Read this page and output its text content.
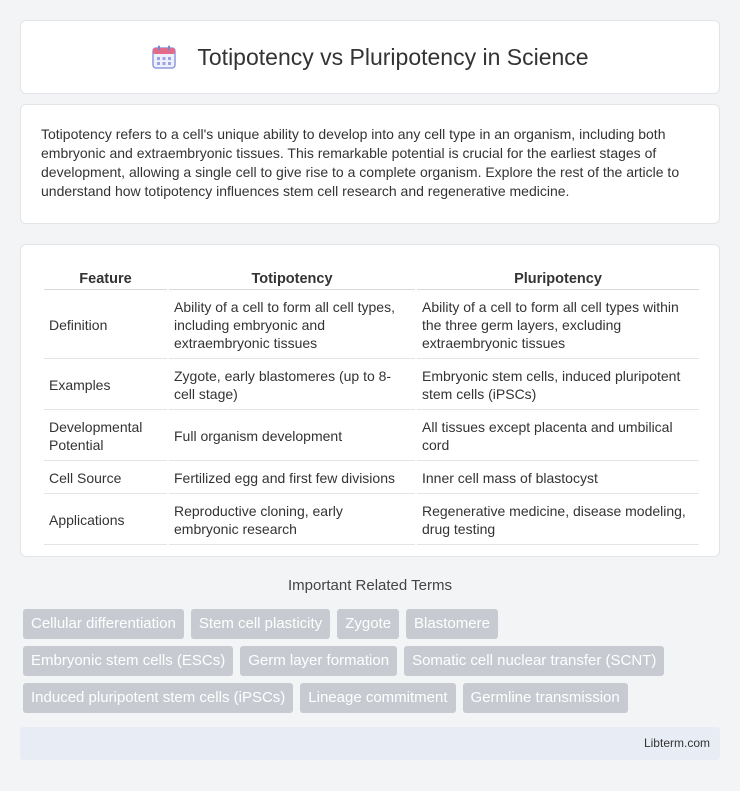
Totipotency vs Pluripotency in Science

Totipotency refers to a cell's unique ability to develop into any cell type in an organism, including both embryonic and extraembryonic tissues. This remarkable potential is crucial for the earliest stages of development, allowing a single cell to give rise to a complete organism. Explore the rest of the article to understand how totipotency influences stem cell research and regenerative medicine.

Feature	Totipotency	Pluripotency
Definition	Ability of a cell to form all cell types, including embryonic and extraembryonic tissues	Ability of a cell to form all cell types within the three germ layers, excluding extraembryonic tissues
Examples	Zygote, early blastomeres (up to 8-cell stage)	Embryonic stem cells, induced pluripotent stem cells (iPSCs)
Developmental Potential	Full organism development	All tissues except placenta and umbilical cord
Cell Source	Fertilized egg and first few divisions	Inner cell mass of blastocyst
Applications	Reproductive cloning, early embryonic research	Regenerative medicine, disease modeling, drug testing
Important Related Terms
Cellular differentiation	Stem cell plasticity	Zygote	Blastomere
Embryonic stem cells (ESCs)	Germ layer formation	Somatic cell nuclear transfer (SCNT)
Induced pluripotent stem cells (iPSCs)	Lineage commitment	Germline transmission
Libterm.com
